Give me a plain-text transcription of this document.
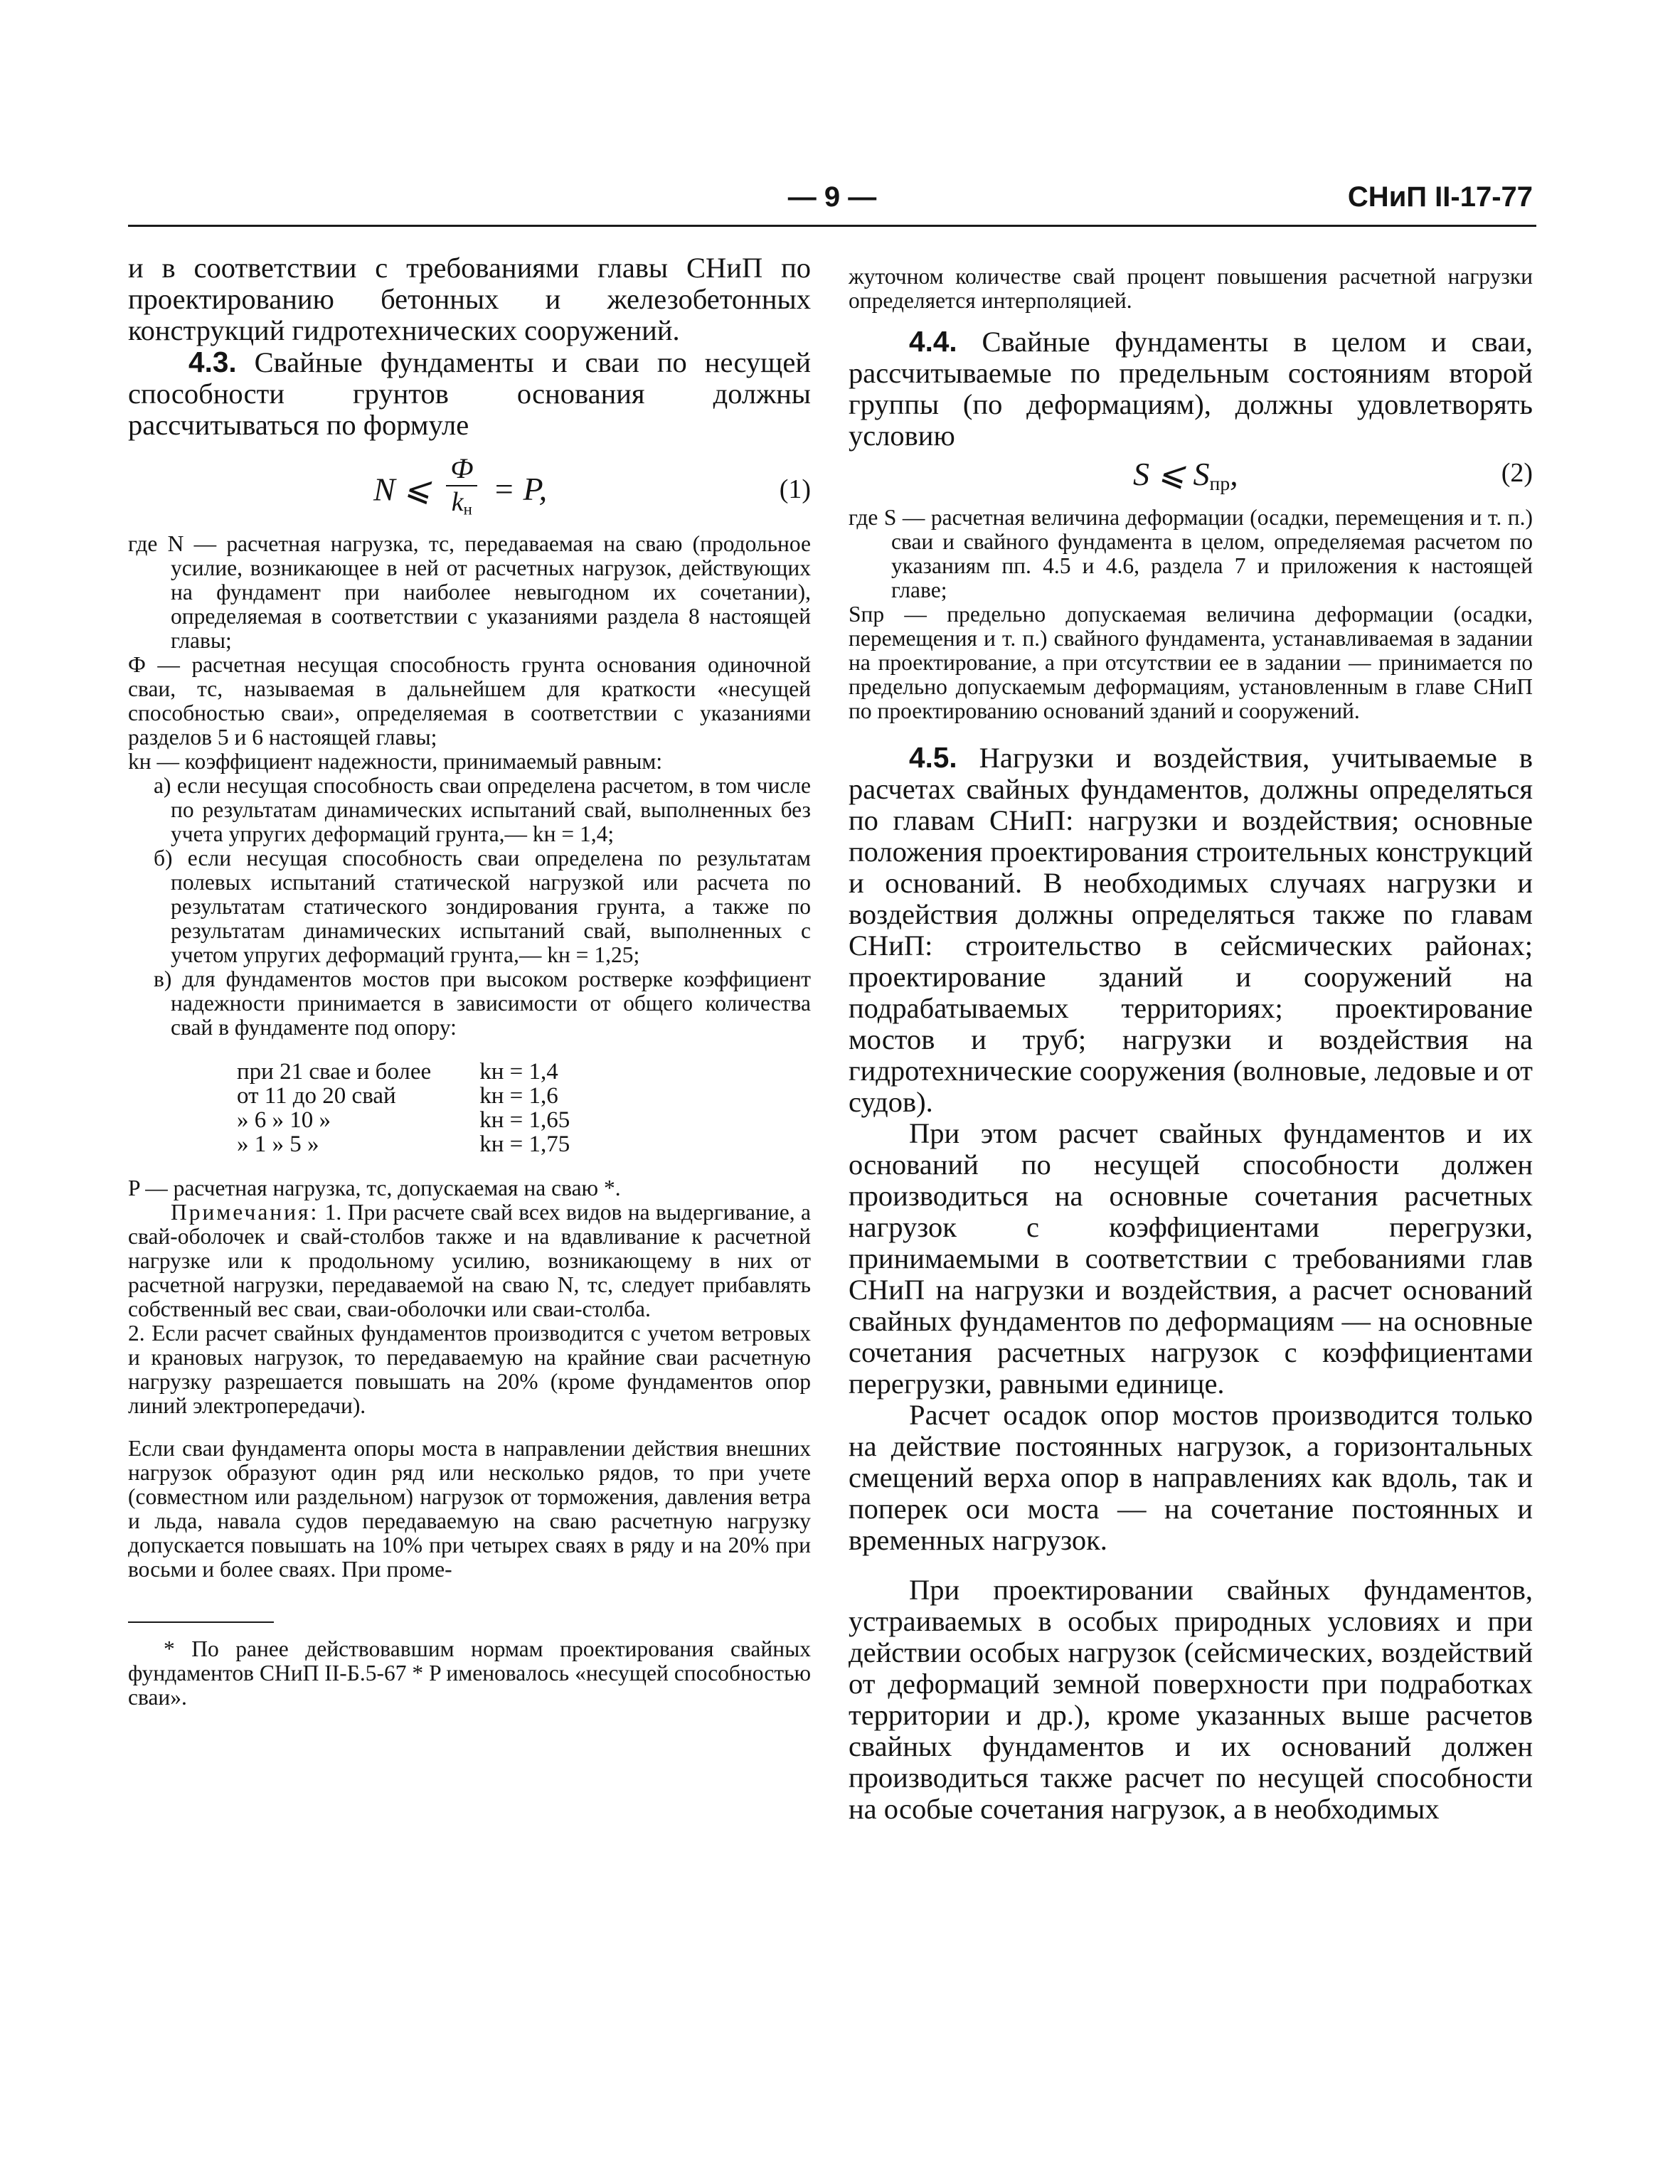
— 9 —	СНиП II-17-77

и в соответствии с требованиями главы СНиП по проектированию бетонных и железобетонных конструкций гидротехнических сооружений.

4.3. Свайные фундаменты и сваи по несущей способности грунтов основания должны рассчитываться по формуле

N ⩽ $\frac{Ф}{k_н} = P$,	(1)

где N — расчетная нагрузка, тс, передаваемая на сваю (продольное усилие, возникающее в ней от расчетных нагрузок, действующих на фундамент при наиболее невыгодном их сочетании), определяемая в соответствии с указаниями раздела 8 настоящей главы;

Ф — расчетная несущая способность грунта основания одиночной сваи, тс, называемая в дальнейшем для краткости «несущей способностью сваи», определяемая в соответствии с указаниями разделов 5 и 6 настоящей главы;

kн — коэффициент надежности, принимаемый равным:

а) если несущая способность сваи определена расчетом, в том числе по результатам динамических испытаний свай, выполненных без учета упругих деформаций грунта,— kн = 1,4;

б) если несущая способность сваи определена по результатам полевых испытаний статической нагрузкой или расчета по результатам статического зондирования грунта, а также по результатам динамических испытаний свай, выполненных с учетом упругих деформаций грунта,— kн = 1,25;

в) для фундаментов мостов при высоком ростверке коэффициент надежности принимается в зависимости от общего количества свай в фундаменте под опору:

при 21 сваe и более	kн = 1,4
от 11 до 20 свай	kн = 1,6
» 6 » 10 »	kн = 1,65
» 1 » 5 »	kн = 1,75

P — расчетная нагрузка, тс, допускаемая на сваю *.

Примечания: 1. При расчете свай всех видов на выдергивание, а свай-оболочек и свай-столбов также и на вдавливание к расчетной нагрузке или к продольному усилию, возникающему в них от расчетной нагрузки, передаваемой на сваю N, тс, следует прибавлять собственный вес сваи, сваи-оболочки или сваи-столба.

2. Если расчет свайных фундаментов производится с учетом ветровых и крановых нагрузок, то передаваемую на крайние сваи расчетную нагрузку разрешается повышать на 20% (кроме фундаментов опор линий электропередачи).

Если сваи фундамента опоры моста в направлении действия внешних нагрузок образуют один ряд или несколько рядов, то при учете (совместном или раздельном) нагрузок от торможения, давления ветра и льда, навала судов передаваемую на сваю расчетную нагрузку допускается повышать на 10% при четырех сваях в ряду и на 20% при восьми и более сваях. При проме-

* По ранее действовавшим нормам проектирования свайных фундаментов СНиП II-Б.5-67 * P именовалось «несущей способностью сваи».

жуточном количестве свай процент повышения расчетной нагрузки определяется интерполяцией.

4.4. Свайные фундаменты в целом и сваи, рассчитываемые по предельным состояниям второй группы (по деформациям), должны удовлетворять условию

S ⩽ $S_{пр}$,	(2)

где S — расчетная величина деформации (осадки, перемещения и т. п.) сваи и свайного фундамента в целом, определяемая расчетом по указаниям пп. 4.5 и 4.6, раздела 7 и приложения к настоящей главе;

Sпр — предельно допускаемая величина деформации (осадки, перемещения и т. п.) свайного фундамента, устанавливаемая в задании на проектирование, а при отсутствии ее в задании — принимается по предельно допускаемым деформациям, установленным в главе СНиП по проектированию оснований зданий и сооружений.

4.5. Нагрузки и воздействия, учитываемые в расчетах свайных фундаментов, должны определяться по главам СНиП: нагрузки и воздействия; основные положения проектирования строительных конструкций и оснований. В необходимых случаях нагрузки и воздействия должны определяться также по главам СНиП: строительство в сейсмических районах; проектирование зданий и сооружений на подрабатываемых территориях; проектирование мостов и труб; нагрузки и воздействия на гидротехнические сооружения (волновые, ледовые и от судов).

При этом расчет свайных фундаментов и их оснований по несущей способности должен производиться на основные сочетания расчетных нагрузок с коэффициентами перегрузки, принимаемыми в соответствии с требованиями глав СНиП на нагрузки и воздействия, а расчет оснований свайных фундаментов по деформациям — на основные сочетания расчетных нагрузок с коэффициентами перегрузки, равными единице.

Расчет осадок опор мостов производится только на действие постоянных нагрузок, а горизонтальных смещений верха опор в направлениях как вдоль, так и поперек оси моста — на сочетание постоянных и временных нагрузок.

При проектировании свайных фундаментов, устраиваемых в особых природных условиях и при действии особых нагрузок (сейсмических, воздействий от деформаций земной поверхности при подработках территории и др.), кроме указанных выше расчетов свайных фундаментов и их оснований должен производиться также расчет по несущей способности на особые сочетания нагрузок, а в необходимых
